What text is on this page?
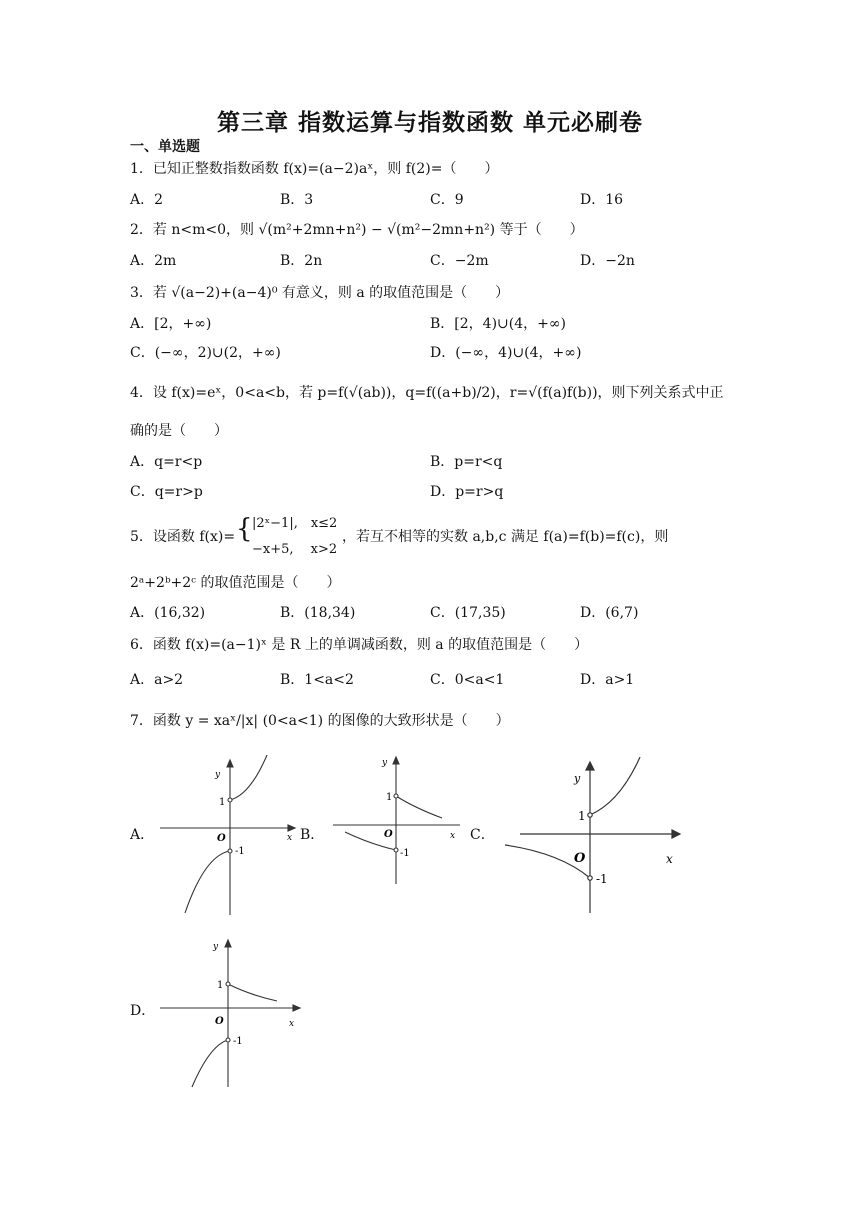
第三章 指数运算与指数函数 单元必刷卷
一、单选题
1．已知正整数指数函数 f(x)=(a−2)aˣ，则 f(2)=（　　）
A．2	B．3	C．9	D．16
2．若 n<m<0，则 √(m²+2mn+n²) − √(m²−2mn+n²) 等于（　　）
A．2m	B．2n	C．−2m	D．−2n
3．若 √(a−2)+(a−4)⁰ 有意义，则 a 的取值范围是（　　）
A．[2，+∞)	B．[2，4)∪(4，+∞)
C．(−∞，2)∪(2，+∞)	D．(−∞，4)∪(4，+∞)
4．设 f(x)=eˣ，0<a<b，若 p=f(√(ab))，q=f((a+b)/2)，r=√(f(a)f(b))，则下列关系式中正
确的是（　　）
A．q=r<p	B．p=r<q
C．q=r>p	D．p=r>q
5．设函数 f(x)= { |2ˣ−1|,　x≤2
−x+5,　 x>2
，若互不相等的实数 a,b,c 满足 f(a)=f(b)=f(c)，则
2ᵃ+2ᵇ+2ᶜ 的取值范围是（　　）
A．(16,32)	B．(18,34)	C．(17,35)	D．(6,7)
6．函数 f(x)=(a−1)ˣ 是 R 上的单调减函数，则 a 的取值范围是（　　）
A．a>2	B．1<a<2	C．0<a<1	D．a>1
7．函数 y = xaˣ/|x| (0<a<1) 的图像的大致形状是（　　）
A．	B．	C．
D．
y
1
O	x
-1
y
1
O	x
-1
y
1
O	x
-1
y
1
O	x
-1
